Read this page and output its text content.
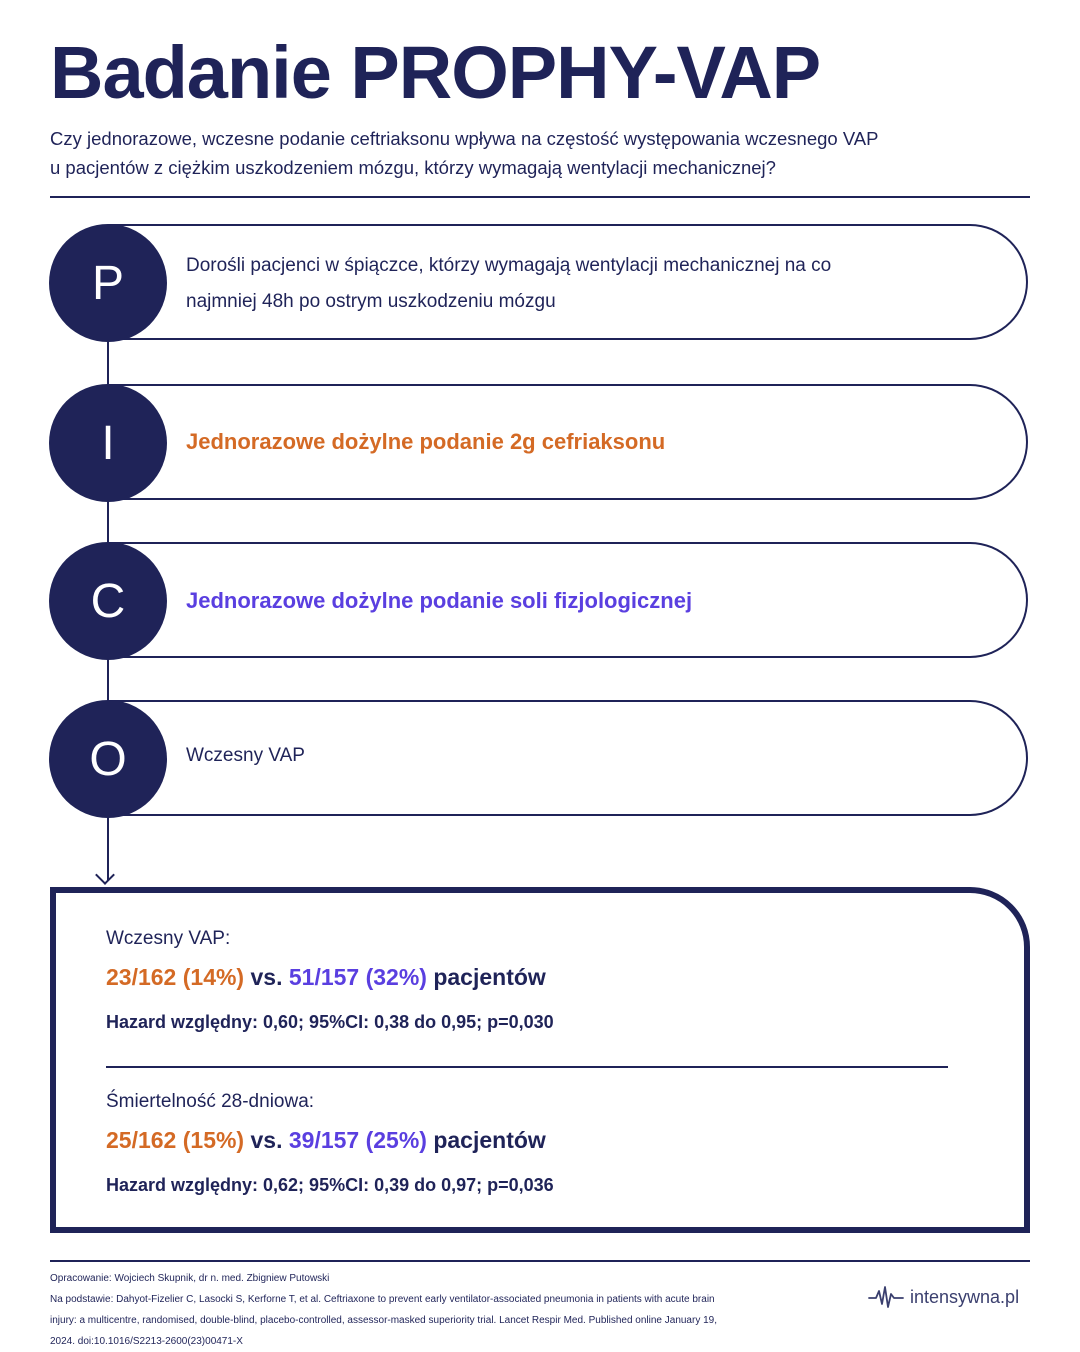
Badanie PROPHY-VAP
Czy jednorazowe, wczesne podanie ceftriaksonu wpływa na częstość występowania wczesnego VAP
u pacjentów z ciężkim uszkodzeniem mózgu, którzy wymagają wentylacji mechanicznej?
P	Dorośli pacjenci w śpiączce, którzy wymagają wentylacji mechanicznej na co
najmniej 48h po ostrym uszkodzeniu mózgu
I	Jednorazowe dożylne podanie 2g cefriaksonu
C	Jednorazowe dożylne podanie soli fizjologicznej
O	Wczesny VAP
Wczesny VAP:
23/162 (14%) vs. 51/157 (32%) pacjentów
Hazard względny: 0,60; 95%CI: 0,38 do 0,95; p=0,030
Śmiertelność 28-dniowa:
25/162 (15%) vs. 39/157 (25%) pacjentów
Hazard względny: 0,62; 95%CI: 0,39 do 0,97; p=0,036
Opracowanie: Wojciech Skupnik, dr n. med. Zbigniew Putowski
Na podstawie: Dahyot-Fizelier C, Lasocki S, Kerforne T, et al. Ceftriaxone to prevent early ventilator-associated pneumonia in patients with acute brain
injury: a multicentre, randomised, double-blind, placebo-controlled, assessor-masked superiority trial. Lancet Respir Med. Published online January 19,
2024. doi:10.1016/S2213-2600(23)00471-X
intensywna.pl
